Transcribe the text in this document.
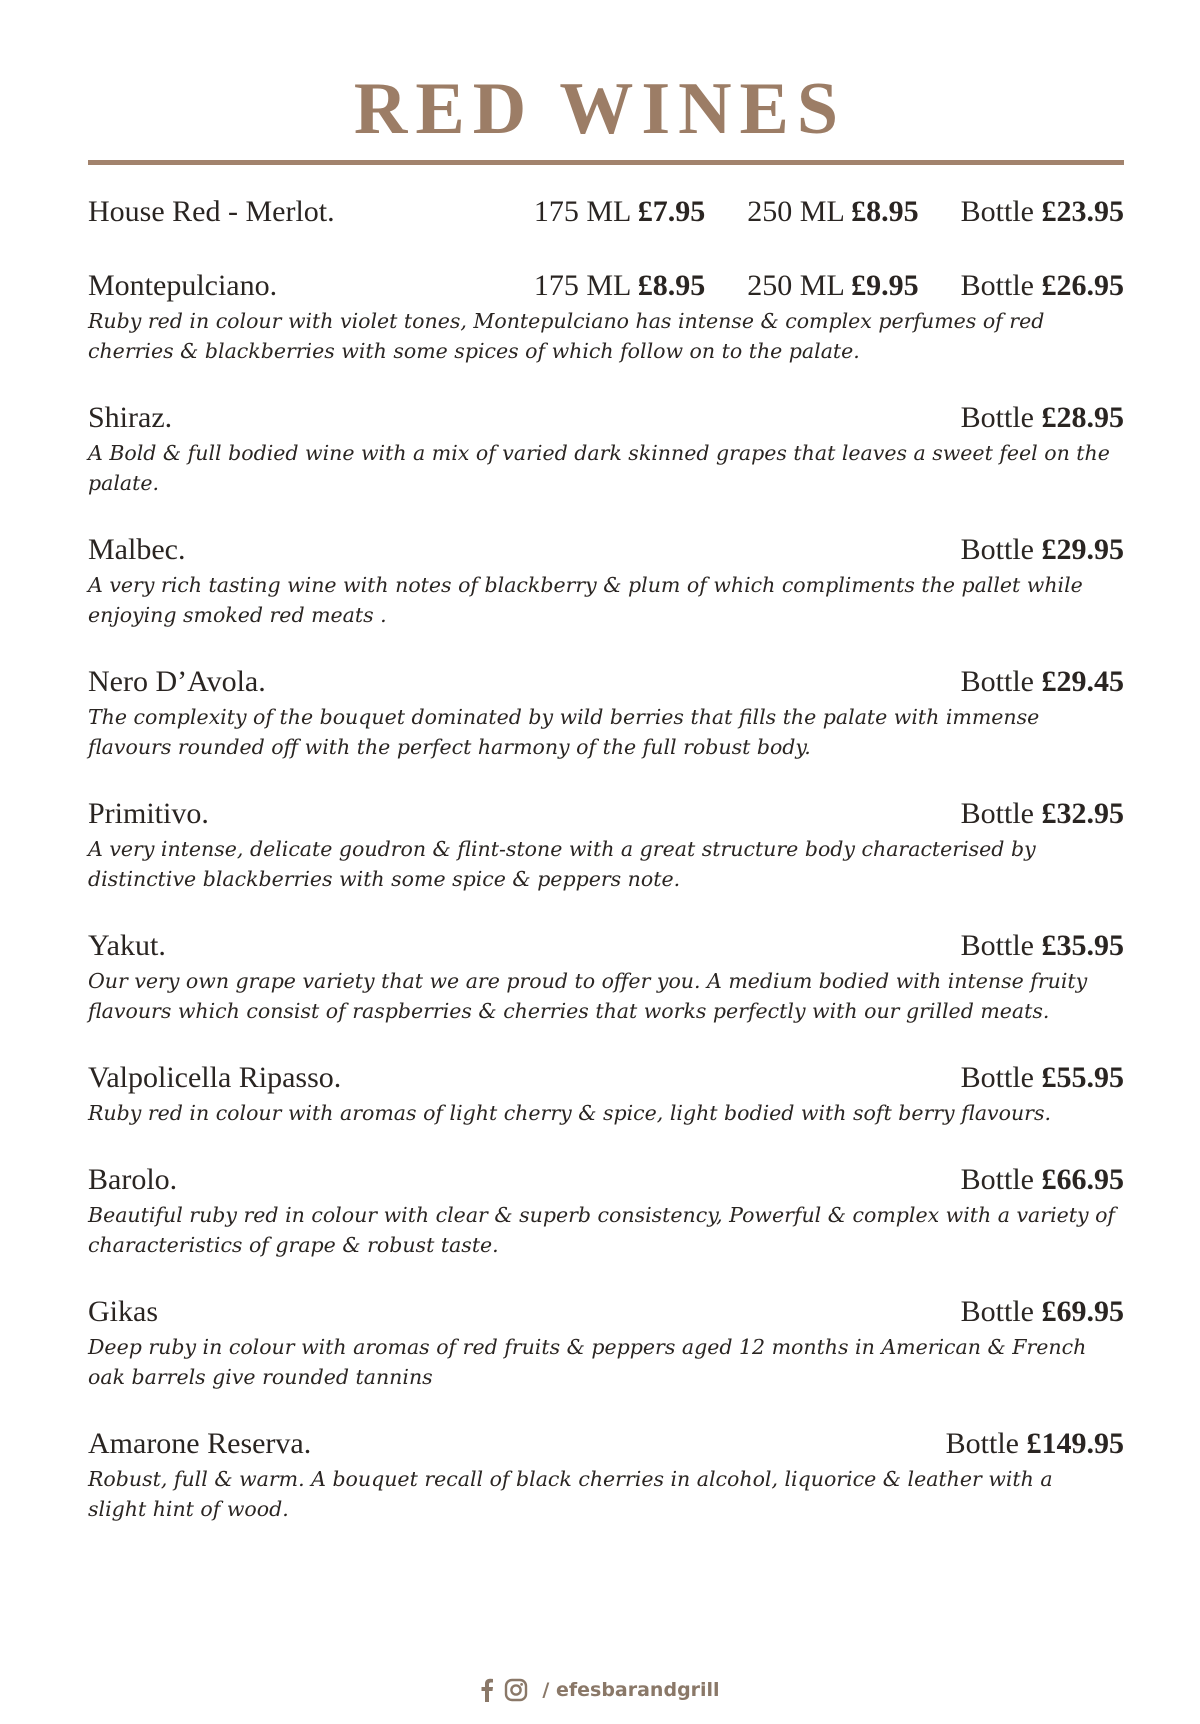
RED WINES
House Red - Merlot.	175 ML £7.95 250 ML £8.95 Bottle £23.95
Montepulciano.	175 ML £8.95 250 ML £9.95 Bottle £26.95
Ruby red in colour with violet tones, Montepulciano has intense & complex perfumes of red cherries & blackberries with some spices of which follow on to the palate.
Shiraz.	Bottle £28.95
A Bold & full bodied wine with a mix of varied dark skinned grapes that leaves a sweet feel on the palate.
Malbec.	Bottle £29.95
A very rich tasting wine with notes of blackberry & plum of which compliments the pallet while enjoying smoked red meats .
Nero D’Avola.	Bottle £29.45
The complexity of the bouquet dominated by wild berries that fills the palate with immense flavours rounded off with the perfect harmony of the full robust body.
Primitivo.	Bottle £32.95
A very intense, delicate goudron & flint-stone with a great structure body characterised by distinctive blackberries with some spice & peppers note.
Yakut.	Bottle £35.95
Our very own grape variety that we are proud to offer you. A medium bodied with intense fruity flavours which consist of raspberries & cherries that works perfectly with our grilled meats.
Valpolicella Ripasso.	Bottle £55.95
Ruby red in colour with aromas of light cherry & spice, light bodied with soft berry flavours.
Barolo.	Bottle £66.95
Beautiful ruby red in colour with clear & superb consistency, Powerful & complex with a variety of characteristics of grape & robust taste.
Gikas	Bottle £69.95
Deep ruby in colour with aromas of red fruits & peppers aged 12 months in American & French oak barrels give rounded tannins
Amarone Reserva.	Bottle £149.95
Robust, full & warm. A bouquet recall of black cherries in alcohol, liquorice & leather with a slight hint of wood.
/ efesbarandgrill
